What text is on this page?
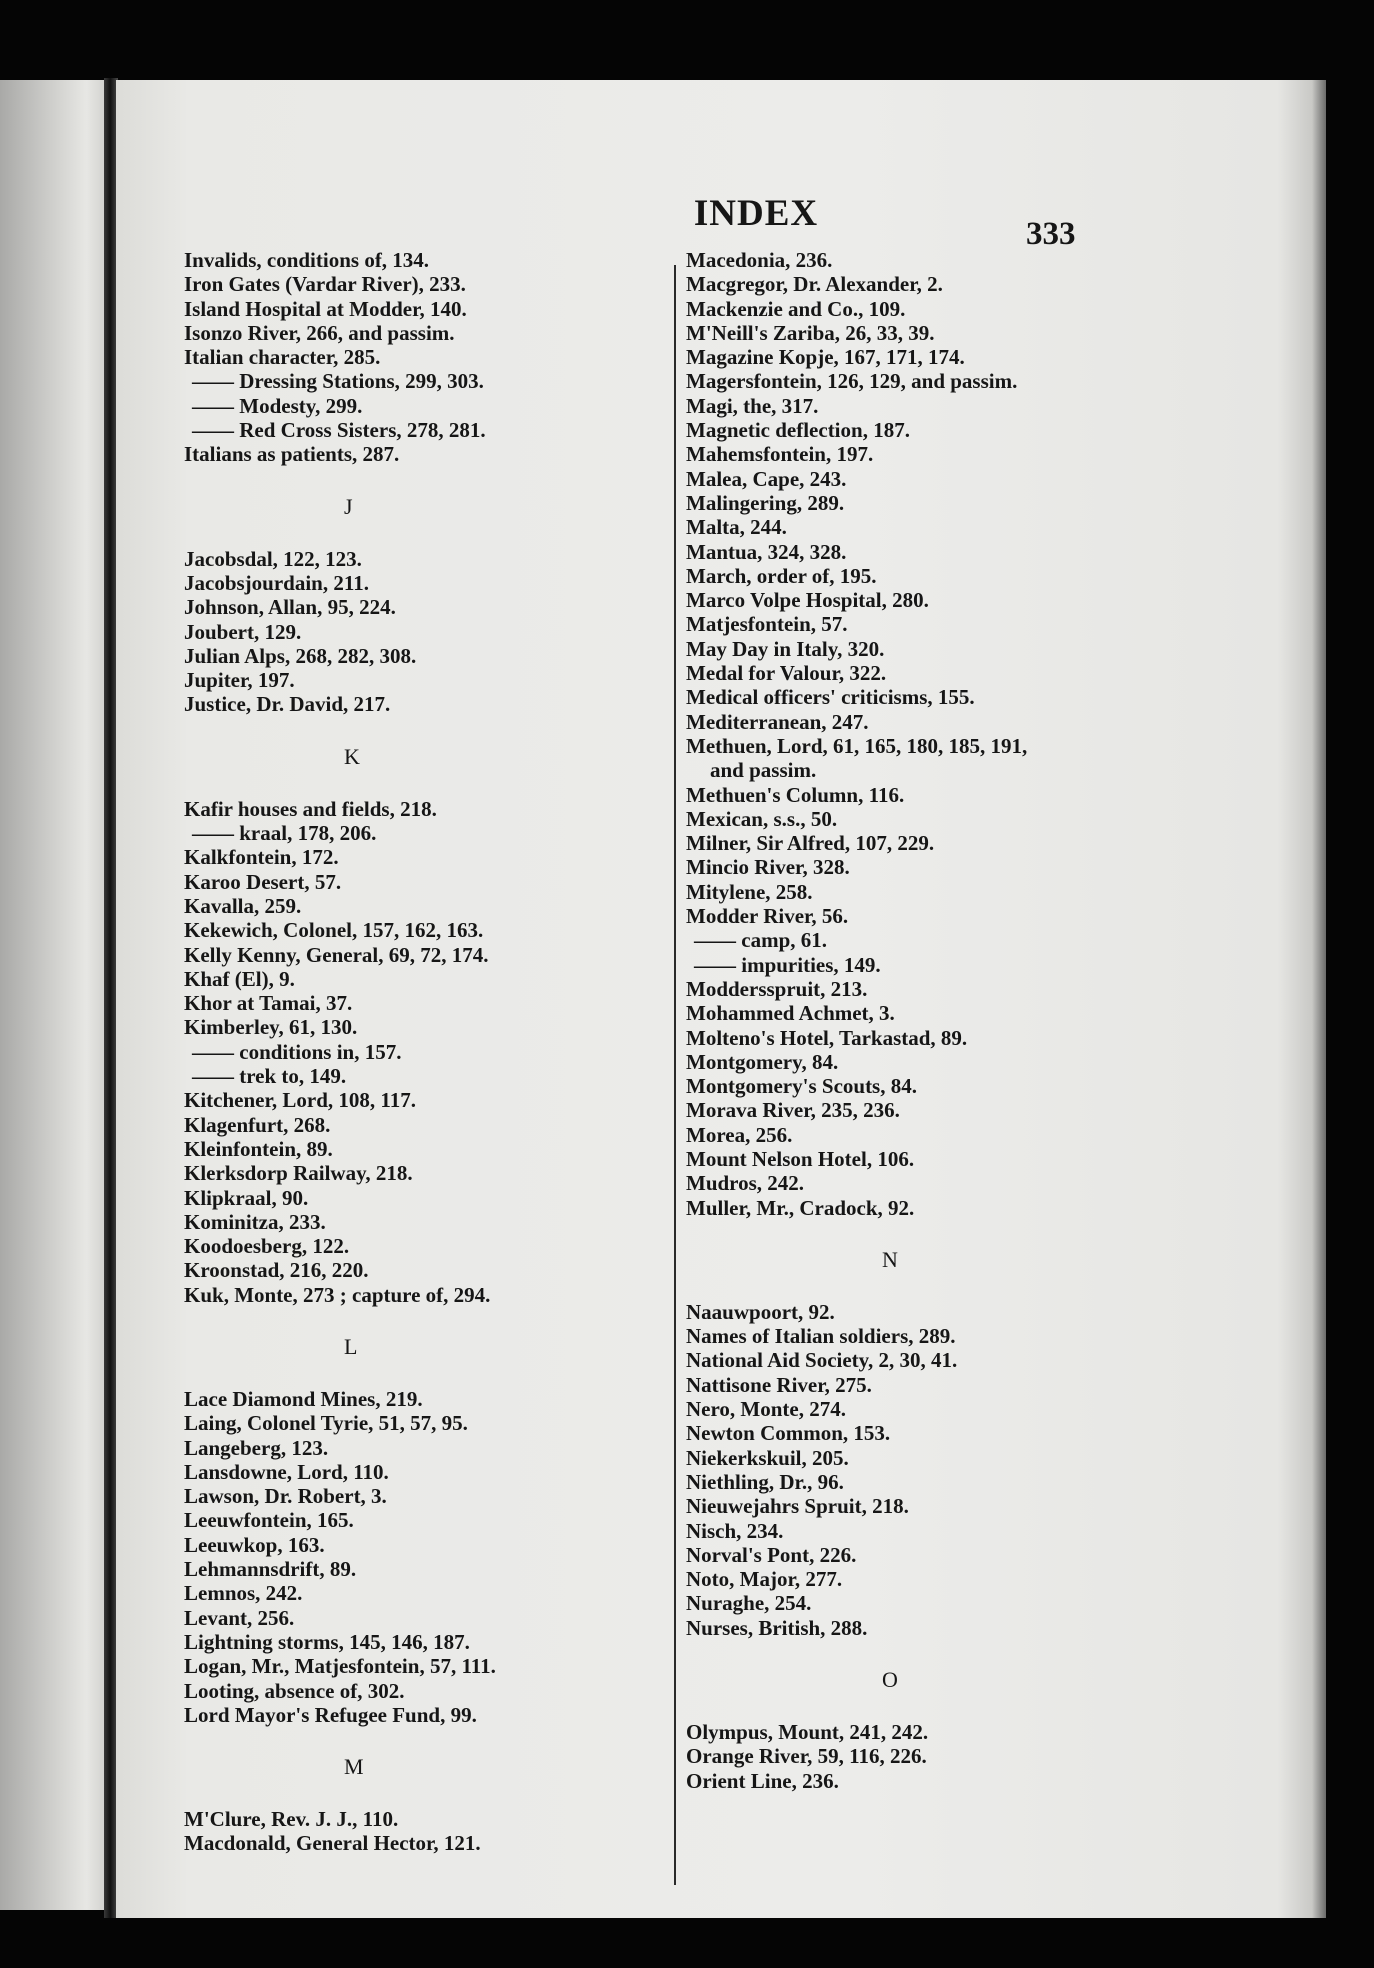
INDEX	333
Invalids, conditions of, 134.
Iron Gates (Vardar River), 233.
Island Hospital at Modder, 140.
Isonzo River, 266, and passim.
Italian character, 285.
—— Dressing Stations, 299, 303.
—— Modesty, 299.
—— Red Cross Sisters, 278, 281.
Italians as patients, 287.
J
Jacobsdal, 122, 123.
Jacobsjourdain, 211.
Johnson, Allan, 95, 224.
Joubert, 129.
Julian Alps, 268, 282, 308.
Jupiter, 197.
Justice, Dr. David, 217.
K
Kafir houses and fields, 218.
—— kraal, 178, 206.
Kalkfontein, 172.
Karoo Desert, 57.
Kavalla, 259.
Kekewich, Colonel, 157, 162, 163.
Kelly Kenny, General, 69, 72, 174.
Khaf (El), 9.
Khor at Tamai, 37.
Kimberley, 61, 130.
—— conditions in, 157.
—— trek to, 149.
Kitchener, Lord, 108, 117.
Klagenfurt, 268.
Kleinfontein, 89.
Klerksdorp Railway, 218.
Klipkraal, 90.
Kominitza, 233.
Koodoesberg, 122.
Kroonstad, 216, 220.
Kuk, Monte, 273 ; capture of, 294.
L
Lace Diamond Mines, 219.
Laing, Colonel Tyrie, 51, 57, 95.
Langeberg, 123.
Lansdowne, Lord, 110.
Lawson, Dr. Robert, 3.
Leeuwfontein, 165.
Leeuwkop, 163.
Lehmannsdrift, 89.
Lemnos, 242.
Levant, 256.
Lightning storms, 145, 146, 187.
Logan, Mr., Matjesfontein, 57, 111.
Looting, absence of, 302.
Lord Mayor's Refugee Fund, 99.
M
M'Clure, Rev. J. J., 110.
Macdonald, General Hector, 121.
Macedonia, 236.
Macgregor, Dr. Alexander, 2.
Mackenzie and Co., 109.
M'Neill's Zariba, 26, 33, 39.
Magazine Kopje, 167, 171, 174.
Magersfontein, 126, 129, and passim.
Magi, the, 317.
Magnetic deflection, 187.
Mahemsfontein, 197.
Malea, Cape, 243.
Malingering, 289.
Malta, 244.
Mantua, 324, 328.
March, order of, 195.
Marco Volpe Hospital, 280.
Matjesfontein, 57.
May Day in Italy, 320.
Medal for Valour, 322.
Medical officers' criticisms, 155.
Mediterranean, 247.
Methuen, Lord, 61, 165, 180, 185, 191,
and passim.
Methuen's Column, 116.
Mexican, s.s., 50.
Milner, Sir Alfred, 107, 229.
Mincio River, 328.
Mitylene, 258.
Modder River, 56.
—— camp, 61.
—— impurities, 149.
Moddersspruit, 213.
Mohammed Achmet, 3.
Molteno's Hotel, Tarkastad, 89.
Montgomery, 84.
Montgomery's Scouts, 84.
Morava River, 235, 236.
Morea, 256.
Mount Nelson Hotel, 106.
Mudros, 242.
Muller, Mr., Cradock, 92.
N
Naauwpoort, 92.
Names of Italian soldiers, 289.
National Aid Society, 2, 30, 41.
Nattisone River, 275.
Nero, Monte, 274.
Newton Common, 153.
Niekerkskuil, 205.
Niethling, Dr., 96.
Nieuwejahrs Spruit, 218.
Nisch, 234.
Norval's Pont, 226.
Noto, Major, 277.
Nuraghe, 254.
Nurses, British, 288.
O
Olympus, Mount, 241, 242.
Orange River, 59, 116, 226.
Orient Line, 236.
